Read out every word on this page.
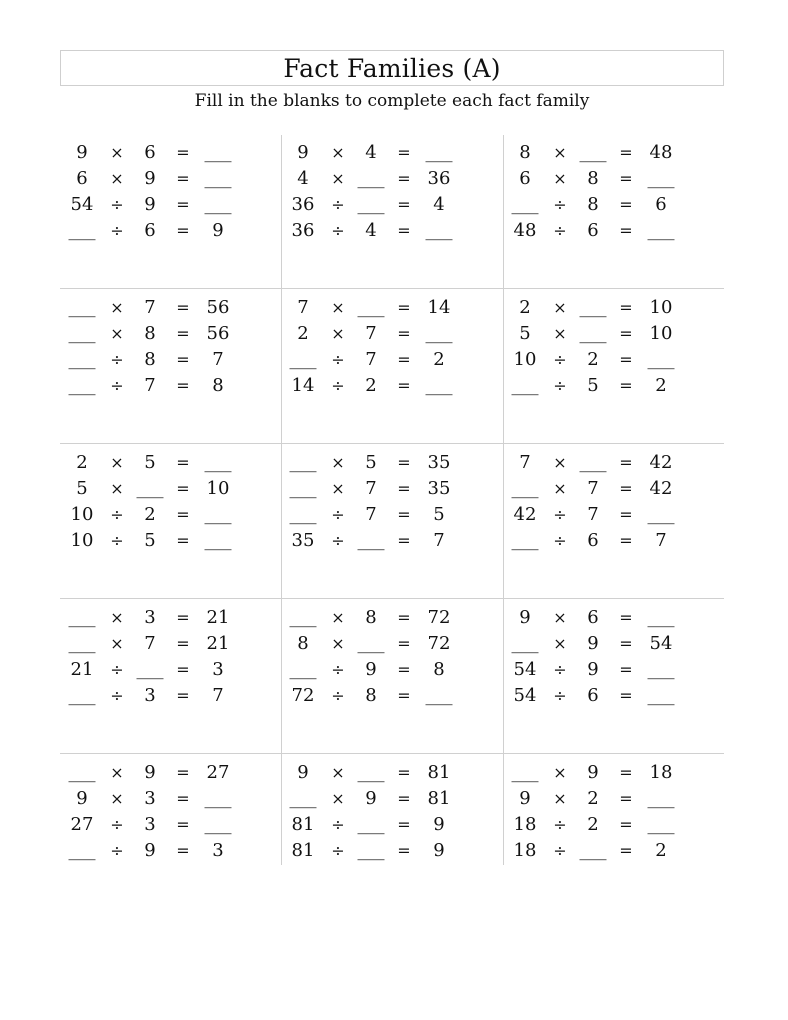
Fact Families (A)
Fill in the blanks to complete each fact family
9	×	6	= ___
6	×	9	= ___
54	÷	9	= ___
___ ÷	6	=	9
9	×	4	= ___
4	× ___ = 36
36	÷ ___ =	4
36	÷	4	= ___
8	× ___ = 48
6	×	8	= ___
___ ÷	8	=	6
48	÷	6	= ___
___ ×	7	= 56
___ ×	8	= 56
___ ÷	8	=	7
___ ÷	7	=	8
7	× ___ = 14
2	×	7	= ___
___ ÷	7	=	2
14	÷	2	= ___
2	× ___ = 10
5	× ___ = 10
10	÷	2	= ___
___ ÷	5	=	2
2	×	5	= ___
5	× ___ = 10
10	÷	2	= ___
10	÷	5	= ___
___ ×	5	= 35
___ ×	7	= 35
___ ÷	7	=	5
35	÷ ___ =	7
7	× ___ = 42
___ ×	7	= 42
42	÷	7	= ___
___ ÷	6	=	7
___ ×	3	= 21
___ ×	7	= 21
21	÷ ___ =	3
___ ÷	3	=	7
___ ×	8	= 72
8	× ___ = 72
___ ÷	9	=	8
72	÷	8	= ___
9	×	6	= ___
___ ×	9	= 54
54	÷	9	= ___
54	÷	6	= ___
___ ×	9	= 27
9	×	3	= ___
27	÷	3	= ___
___ ÷	9	=	3
9	× ___ = 81
___ ×	9	= 81
81	÷ ___ =	9
81	÷ ___ =	9
___ ×	9	= 18
9	×	2	= ___
18	÷	2	= ___
18	÷ ___ =	2
